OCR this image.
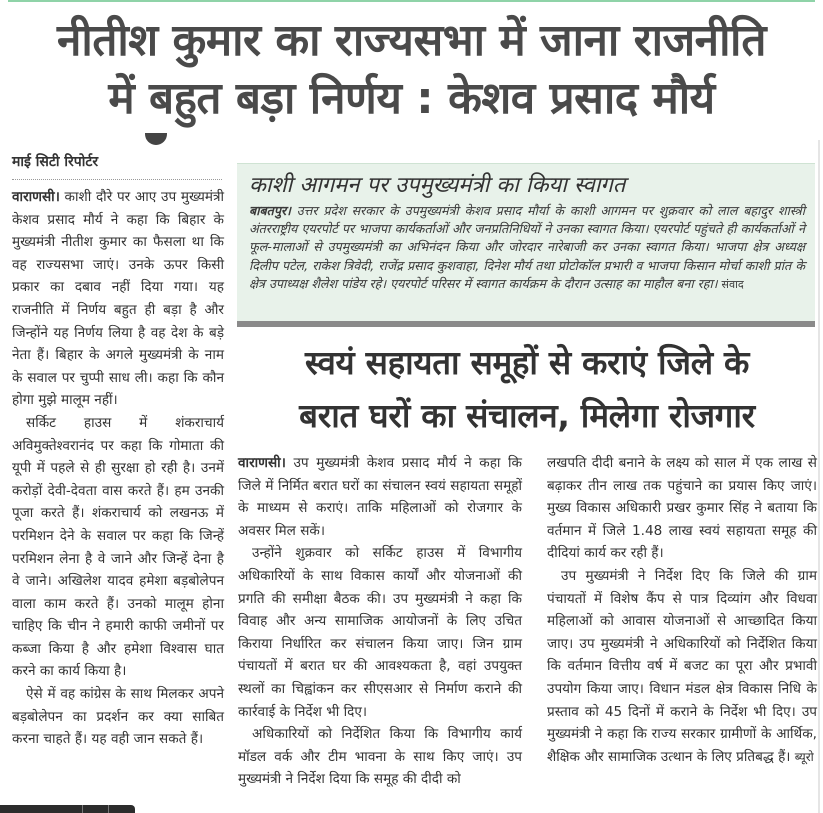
नीतीश कुमार का राज्यसभा में जाना राजनीति
में बहुत बड़ा निर्णय : केशव प्रसाद मौर्य
माई सिटी रिपोर्टर

वाराणसी। काशी दौरे पर आए उप मुख्यमंत्री केशव प्रसाद मौर्य ने कहा कि बिहार के मुख्यमंत्री नीतीश कुमार का फैसला था कि वह राज्यसभा जाएं। उनके ऊपर किसी प्रकार का दबाव नहीं दिया गया। यह राजनीति में निर्णय बहुत ही बड़ा है और जिन्होंने यह निर्णय लिया है वह देश के बड़े नेता हैं। बिहार के अगले मुख्यमंत्री के नाम के सवाल पर चुप्पी साध ली। कहा कि कौन होगा मुझे मालूम नहीं।

सर्किट हाउस में शंकराचार्य अविमुक्तेश्वरानंद पर कहा कि गोमाता की यूपी में पहले से ही सुरक्षा हो रही है। उनमें करोड़ों देवी-देवता वास करते हैं। हम उनकी पूजा करते हैं। शंकराचार्य को लखनऊ में परमिशन देने के सवाल पर कहा कि जिन्हें परमिशन लेना है वे जाने और जिन्हें देना है वे जाने। अखिलेश यादव हमेशा बड़बोलेपन वाला काम करते हैं। उनको मालूम होना चाहिए कि चीन ने हमारी काफी जमीनों पर कब्जा किया है और हमेशा विश्वास घात करने का कार्य किया है।

ऐसे में वह कांग्रेस के साथ मिलकर अपने बड़बोलेपन का प्रदर्शन कर क्या साबित करना चाहते हैं। यह वही जान सकते हैं।

काशी आगमन पर उपमुख्यमंत्री का किया स्वागत

बाबतपुर। उत्तर प्रदेश सरकार के उपमुख्यमंत्री केशव प्रसाद मौर्या के काशी आगमन पर शुक्रवार को लाल बहादुर शास्त्री अंतरराष्ट्रीय एयरपोर्ट पर भाजपा कार्यकर्ताओं और जनप्रतिनिधियों ने उनका स्वागत किया। एयरपोर्ट पहुंचते ही कार्यकर्ताओं ने फूल-मालाओं से उपमुख्यमंत्री का अभिनंदन किया और जोरदार नारेबाजी कर उनका स्वागत किया। भाजपा क्षेत्र अध्यक्ष दिलीप पटेल, राकेश त्रिवेदी, राजेंद्र प्रसाद कुशवाहा, दिनेश मौर्य तथा प्रोटोकॉल प्रभारी व भाजपा किसान मोर्चा काशी प्रांत के क्षेत्र उपाध्यक्ष शैलेश पांडेय रहे। एयरपोर्ट परिसर में स्वागत कार्यक्रम के दौरान उत्साह का माहौल बना रहा। संवाद

स्वयं सहायता समूहों से कराएं जिले के
बरात घरों का संचालन, मिलेगा रोजगार

वाराणसी। उप मुख्यमंत्री केशव प्रसाद मौर्य ने कहा कि जिले में निर्मित बरात घरों का संचालन स्वयं सहायता समूहों के माध्यम से कराएं। ताकि महिलाओं को रोजगार के अवसर मिल सकें।

उन्होंने शुक्रवार को सर्किट हाउस में विभागीय अधिकारियों के साथ विकास कार्यों और योजनाओं की प्रगति की समीक्षा बैठक की। उप मुख्यमंत्री ने कहा कि विवाह और अन्य सामाजिक आयोजनों के लिए उचित किराया निर्धारित कर संचालन किया जाए। जिन ग्राम पंचायतों में बरात घर की आवश्यकता है, वहां उपयुक्त स्थलों का चिह्वांकन कर सीएसआर से निर्माण कराने की कार्रवाई के निर्देश भी दिए।

अधिकारियों को निर्देशित किया कि विभागीय कार्य मॉडल वर्क और टीम भावना के साथ किए जाएं। उप मुख्यमंत्री ने निर्देश दिया कि समूह की दीदी को

लखपति दीदी बनाने के लक्ष्य को साल में एक लाख से बढ़ाकर तीन लाख तक पहुंचाने का प्रयास किए जाएं। मुख्य विकास अधिकारी प्रखर कुमार सिंह ने बताया कि वर्तमान में जिले 1.48 लाख स्वयं सहायता समूह की दीदियां कार्य कर रही हैं।

उप मुख्यमंत्री ने निर्देश दिए कि जिले की ग्राम पंचायतों में विशेष कैंप से पात्र दिव्यांग और विधवा महिलाओं को आवास योजनाओं से आच्छादित किया जाए। उप मुख्यमंत्री ने अधिकारियों को निर्देशित किया कि वर्तमान वित्तीय वर्ष में बजट का पूरा और प्रभावी उपयोग किया जाए। विधान मंडल क्षेत्र विकास निधि के प्रस्ताव को 45 दिनों में कराने के निर्देश भी दिए। उप मुख्यमंत्री ने कहा कि राज्य सरकार ग्रामीणों के आर्थिक, शैक्षिक और सामाजिक उत्थान के लिए प्रतिबद्ध हैं। ब्यूरो
